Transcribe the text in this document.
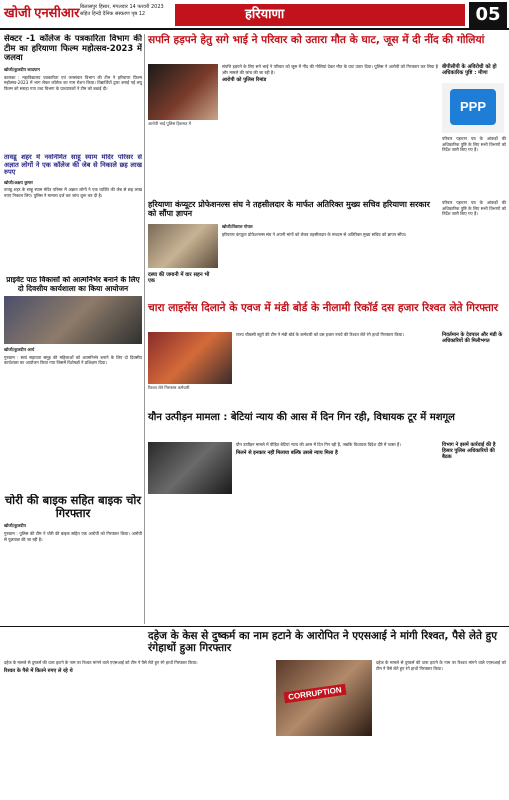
खोजी एनसीआर बिलासपुर हिसार, मंगलवार 14 फरवरी 2023
सहित हिन्दी दैनिक संस्करण पृष्ठ 12	हरियाणा	05
सेक्टर -1 कॉलेज के पत्रकारिता विभाग की टीम का हरियाणा फिल्म महोत्सव-2023 में जलवा
खोजी/कुलदीप कादयान
कालका : महाविद्यालय पत्रकारिता एवं जनसंचार विभाग की टीम ने हरियाणा फिल्म महोत्सव-2023 में भाग लेकर कॉलेज का नाम रोशन किया। विद्यार्थियों द्वारा बनाई गई लघु फिल्म को सराहा गया तथा विभाग के प्राध्यापकों ने टीम को बधाई दी।
तावडू शहर में नवनिर्मित साहू स्याम मंदिर परिसर से अज्ञात लोगों ने एक कॉलेज की जेब से निकाले छह लाख रुपए
खोजी/अक्षय कुमार
तावडू शहर के साहू स्याम मंदिर परिसर में अज्ञात लोगों ने एक व्यक्ति की जेब से छह लाख रुपए निकाल लिए। पुलिस ने मामला दर्ज कर जांच शुरू कर दी है।
प्राइवेट पाठ विकासों को आत्मनिर्भर बनाने के लिए दो दिवसीय कार्यशाला का किया आयोजन
खोजी/कुलदीप आर्य
गुरुग्राम : स्वयं सहायता समूह की महिलाओं को आत्मनिर्भर बनाने के लिए दो दिवसीय कार्यशाला का आयोजन किया गया जिसमें विशेषज्ञों ने प्रशिक्षण दिया।
चोरी की बाइक सहित बाइक चोर गिरफ्तार
खोजी/कुलदीप
गुरुग्राम : पुलिस की टीम ने चोरी की बाइक सहित एक आरोपी को गिरफ्तार किया। आरोपी से पूछताछ की जा रही है।
सपनि हड़पने हेतु सगे भाई ने परिवार को उतारा मौत के घाट, जूस में दी नींद की गोलियां
आरोपी भाई पुलिस हिरासत में
संपत्ति हड़पने के लिए सगे भाई ने परिवार को जूस में नींद की गोलियां देकर मौत के घाट उतार दिया। पुलिस ने आरोपी को गिरफ्तार कर लिया है और मामले की जांच की जा रही है।
आरोपी को पुलिस रिमांड
बीपीसीपी के अविरोधी को हो अधिकारिक पुष्टि : मीणा
PPP
परिवार पहचान पत्र के आंकड़ों की अधिकारिक पुष्टि के लिए सभी विभागों को निर्देश जारी किए गए हैं।
हरियाणा कंप्यूटर प्रोफेशनल्स संघ ने तहसीलदार के मार्फत अतिरिक्त मुख्य सचिव हरियाणा सरकार को सौंपा ज्ञापन
खोजी/विशाल गोयल
हरियाणा कंप्यूटर प्रोफेशनल्स संघ ने अपनी मांगों को लेकर तहसीलदार के माध्यम से अतिरिक्त मुख्य सचिव को ज्ञापन सौंपा।
दस्या की जमानी में वार सहन भी एक
परिवार पहचान पत्र के आंकड़ों की अधिकारिक पुष्टि के लिए सभी विभागों को निर्देश जारी किए गए हैं।
चारा लाइसेंस दिलाने के एवज में मंडी बोर्ड के नीलामी रिकॉर्ड दस हजार रिश्वत लेते गिरफ्तार
रिश्वत लेते गिरफ्तार कर्मचारी
राज्य चौकसी ब्यूरो की टीम ने मंडी बोर्ड के कर्मचारी को दस हजार रुपये की रिश्वत लेते रंगे हाथों गिरफ्तार किया।	निवर्तमान के देवपाल और मंडी के अधिकारियों की मिलीभगत
यौन उत्पीड़न मामला : बेटियां न्याय की आस में दिन गिन रही, विधायक टूर में मशगूल
यौन उत्पीड़न मामले में पीड़ित बेटियां न्याय की आस में दिन गिन रही हैं, जबकि विधायक विदेश दौरे में व्यस्त हैं।
मिलने से इनकार नहीं मिलाया बल्कि उससे न्याय मिला है
विभाग ने इसमें कार्रवाई की है हिसार पुलिस अधिकारियों की बैठक
दहेज के केस से दुष्कर्म का नाम हटाने के आरोपित ने एएसआई ने मांगी रिश्वत, पैसे लेते हुए रंगेहाथों हुआ गिरफ्तार
CORRUPTION
दहेज के मामले से दुष्कर्म की धारा हटाने के नाम पर रिश्वत मांगने वाले एएसआई को टीम ने पैसे लेते हुए रंगे हाथों गिरफ्तार किया।
रिश्वत के पैसे में कितने रुपए ले रहे थे
दहेज के मामले से दुष्कर्म की धारा हटाने के नाम पर रिश्वत मांगने वाले एएसआई को टीम ने पैसे लेते हुए रंगे हाथों गिरफ्तार किया।
